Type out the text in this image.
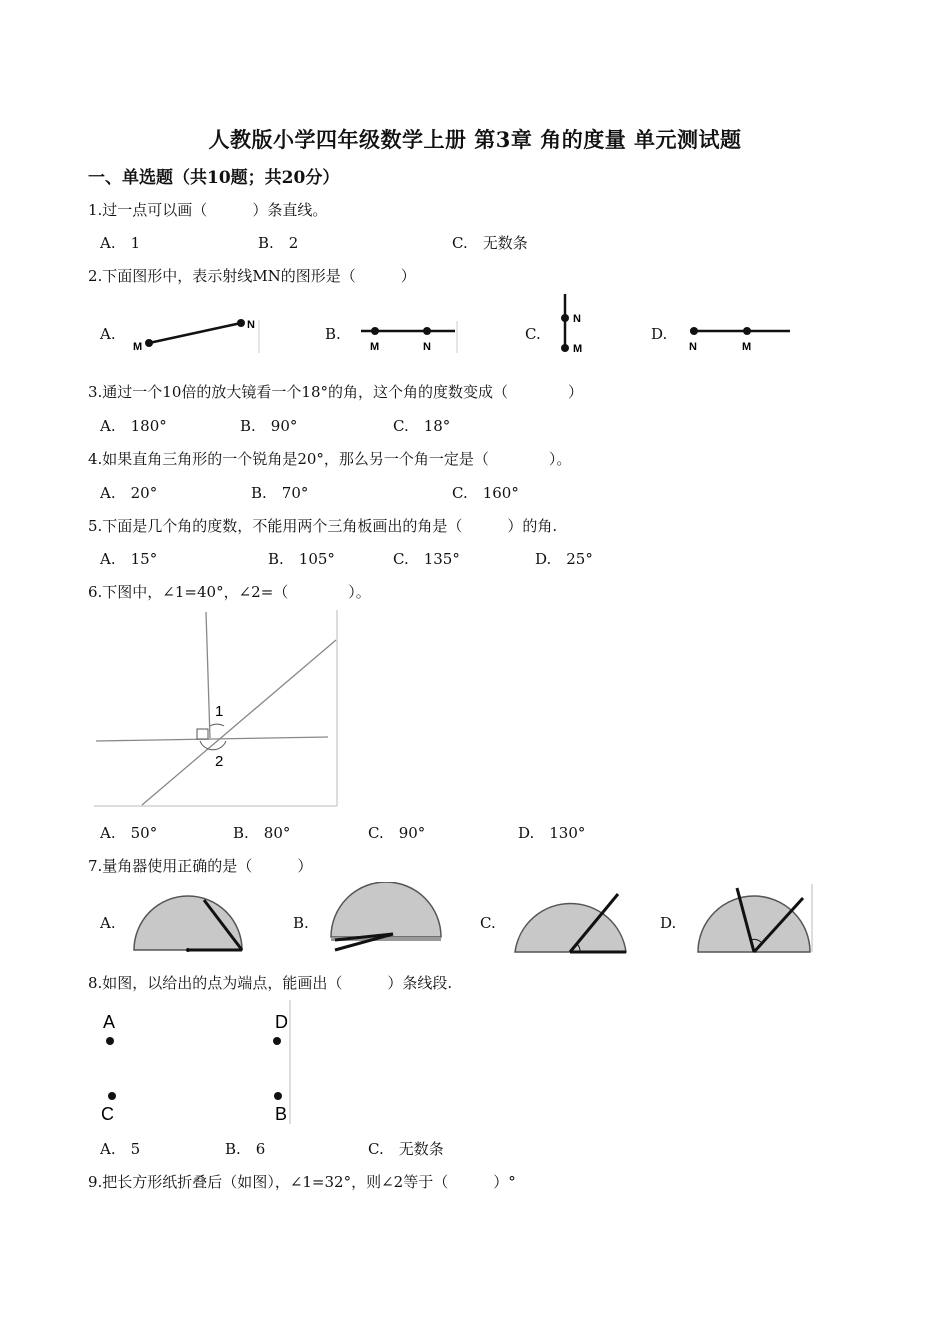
人教版小学四年级数学上册 第3章 角的度量 单元测试题
一、单选题（共10题；共20分）
1.过一点可以画（　　　）条直线。
A.　1	B.　2	C.　无数条
2.下面图形中，表示射线MN的图形是（　　　）
A.	B.	C.	D.
M
N
M	N
N
M	N	M
3.通过一个10倍的放大镜看一个18°的角，这个角的度数变成（　　　　）
A.　180°	B.　90°	C.　18°
4.如果直角三角形的一个锐角是20°，那么另一个角一定是（　　　　）。
A.　20°	B.　70°	C.　160°
5.下面是几个角的度数，不能用两个三角板画出的角是（　　　）的角.
A.　15°	B.　105°	C.　135°	D.　25°
6.下图中，∠1=40°，∠2=（　　　　）。
1
2
A.　50°	B.　80°	C.　90°	D.　130°
7.量角器使用正确的是（　　　）
A.	B.	C.	D.
8.如图，以给出的点为端点，能画出（　　　）条线段.
A	D
C	B
A.　5	B.　6	C.　无数条
9.把长方形纸折叠后（如图），∠1=32°，则∠2等于（　　　）°
